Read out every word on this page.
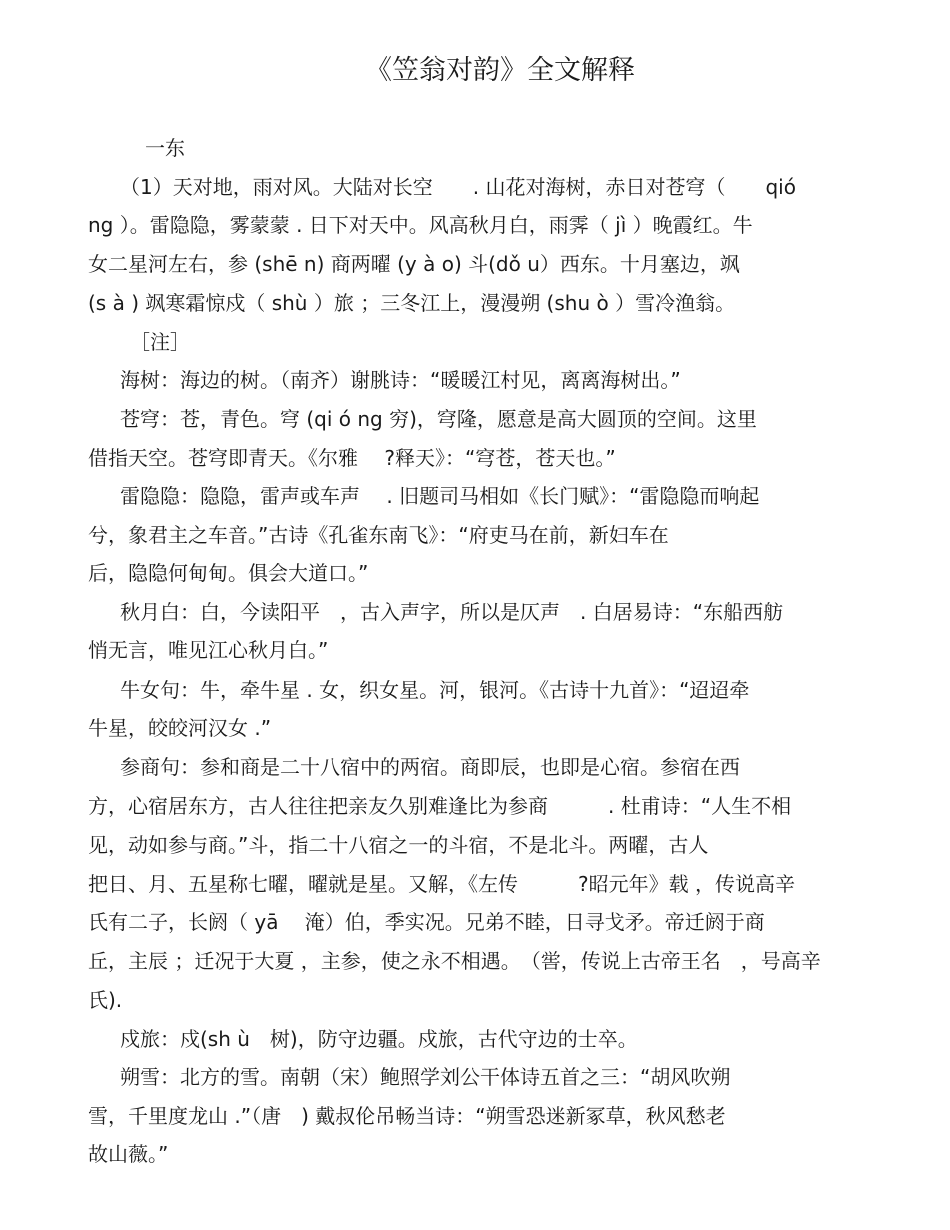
《笠翁对韵》全文解释
一东
（1）天对地，雨对风。大陆对长空　　. 山花对海树，赤日对苍穹（　　qió
ng ）。雷隐隐，雾蒙蒙 . 日下对天中。风高秋月白，雨霁（ jì ）晚霞红。牛
女二星河左右，参 (shē n) 商两曜 (y à o) 斗(dǒ u）西东。十月塞边，飒
(s à ) 飒寒霜惊戍（ shù ）旅 ；三冬江上，漫漫朔 (shu ò ）雪冷渔翁。
［注］
海树：海边的树。（南齐）谢朓诗：“暖暖江村见，离离海树出。”
苍穹：苍，青色。穹 (qi ó ng 穷)，穹隆，愿意是高大圆顶的空间。这里
借指天空。苍穹即青天。《尔雅　 ?释天》：“穹苍，苍天也。”
雷隐隐：隐隐，雷声或车声　 . 旧题司马相如《长门赋》：“雷隐隐而响起
兮，象君主之车音。”古诗《孔雀东南飞》：“府吏马在前，新妇车在
后，隐隐何甸甸。俱会大道口。”
秋月白：白，今读阳平　，古入声字，所以是仄声　. 白居易诗：“东船西舫
悄无言，唯见江心秋月白。”
牛女句：牛，牵牛星 . 女，织女星。河，银河。《古诗十九首》：“迢迢牵
牛星，皎皎河汉女 .”
参商句：参和商是二十八宿中的两宿。商即辰，也即是心宿。参宿在西
方，心宿居东方，古人往往把亲友久别难逢比为参商　　　. 杜甫诗：“人生不相
见，动如参与商。”斗，指二十八宿之一的斗宿，不是北斗。两曜，古人
把日、月、五星称七曜，曜就是星。又解，《左传　　　?昭元年》载 ，传说高辛
氏有二子，长阏（ yā　 淹）伯，季实况。兄弟不睦，日寻戈矛。帝迁阏于商
丘，主辰 ；迁况于大夏 ，主参，使之永不相遇。　（喾，传说上古帝王名　，号高辛
氏).
戍旅：戍(sh ù　树)，防守边疆。戍旅，古代守边的士卒。
朔雪：北方的雪。南朝（宋）鲍照学刘公干体诗五首之三：“胡风吹朔
雪，千里度龙山 .”（唐　) 戴叔伦吊畅当诗：“朔雪恐迷新冢草，秋风愁老
故山薇。”
